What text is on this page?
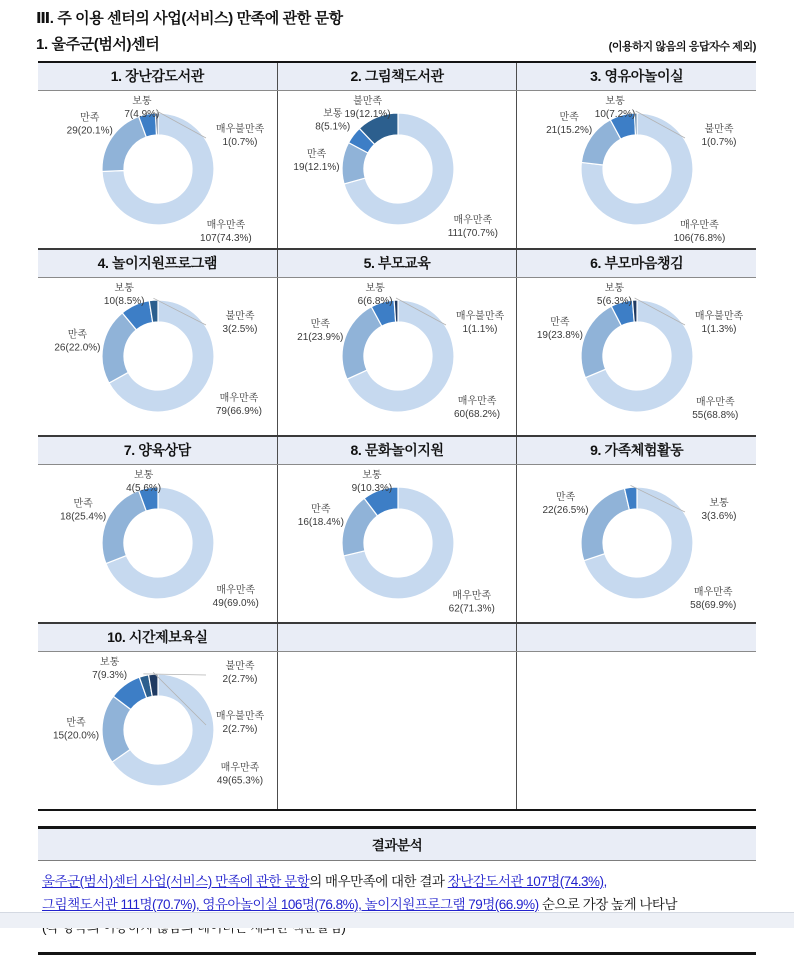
Ⅲ. 주 이용 센터의 사업(서비스) 만족에 관한 문항
1. 울주군(범서)센터	(이용하지 않음의 응답자수 제외)
1. 장난감도서관	2. 그림책도서관	3. 영유아놀이실
매우만족 107(74.3%)
만족 29(20.1%)
보통 7(4.9%)
매우불만족 1(0.7%)
매우만족 111(70.7%)
만족 19(12.1%)
보통 8(5.1%)
불만족 19(12.1%)
매우만족 106(76.8%)
만족 21(15.2%)
보통 10(7.2%)
불만족 1(0.7%)
4. 놀이지원프로그램	5. 부모교육	6. 부모마음챙김
매우만족 79(66.9%)
만족 26(22.0%)
보통 10(8.5%)
불만족 3(2.5%)
매우만족 60(68.2%)
만족 21(23.9%)
보통 6(6.8%)
매우불만족 1(1.1%)
매우만족 55(68.8%)
만족 19(23.8%)
보통 5(6.3%)
매우불만족 1(1.3%)
7. 양육상담	8. 문화놀이지원	9. 가족체험활동
매우만족 49(69.0%)
만족 18(25.4%)
보통 4(5.6%)
매우만족 62(71.3%)
만족 16(18.4%)
보통 9(10.3%)
매우만족 58(69.9%)
만족 22(26.5%)
보통 3(3.6%)
10. 시간제보육실
매우만족 49(65.3%)
만족 15(20.0%)
보통 7(9.3%)
불만족 2(2.7%)
매우불만족 2(2.7%)
결과분석
울주군(범서)센터 사업(서비스) 만족에 관한 문항의 매우만족에 대한 결과 장난감도서관 107명(74.3%),
그림책도서관 111명(70.7%), 영유아놀이실 106명(76.8%), 놀이지원프로그램 79명(66.9%) 순으로 가장 높게 나타남
